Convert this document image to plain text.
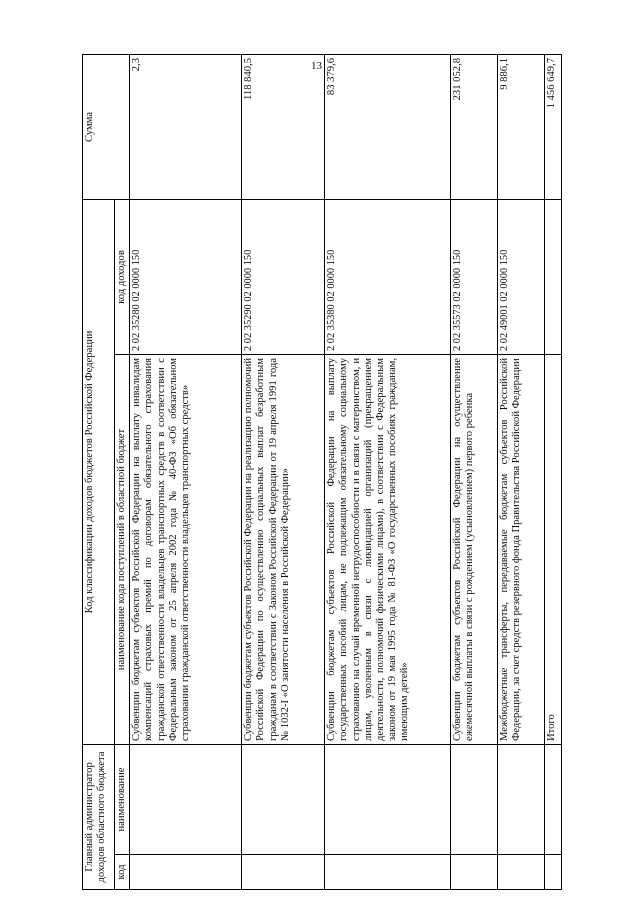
13
Главный администратор доходов областного бюджета		Код классификации доходов бюджетов Российской Федерации		Сумма
код	наименование	наименование кода поступлений в областной бюджет	код доходов	
		Субвенции бюджетам субъектов Российской Федерации на выплату инвалидам компенсаций страховых премий по договорам обязательного страхования гражданской ответственности владельцев транспортных средств в соответствии с Федеральным законом от 25 апреля 2002 года № 40-ФЗ «Об обязательном страховании гражданской ответственности владельцев транспортных средств»	2 02 35280 02 0000 150	2,3
		Субвенции бюджетам субъектов Российской Федерации на реализацию полномочий Российской Федерации по осуществлению социальных выплат безработным гражданам в соответствии с Законом Российской Федерации от 19 апреля 1991 года № 1032-I «О занятости населения в Российской Федерации»	2 02 35290 02 0000 150	118 840,5
		Субвенции бюджетам субъектов Российской Федерации на выплату государственных пособий лицам, не подлежащим обязательному социальному страхованию на случай временной нетрудоспособности и в связи с материнством, и лицам, уволенным в связи с ликвидацией организаций (прекращением деятельности, полномочий физическими лицами), в соответствии с Федеральным законом от 19 мая 1995 года № 81-ФЗ «О государственных пособиях гражданам, имеющим детей»	2 02 35380 02 0000 150	83 379,6
		Субвенции бюджетам субъектов Российской Федерации на осуществление ежемесячной выплаты в связи с рождением (усыновлением) первого ребенка	2 02 35573 02 0000 150	231 052,8
		Межбюджетные трансферты, передаваемые бюджетам субъектов Российской Федерации, за счет средств резервного фонда Правительства Российской Федерации	2 02 49001 02 0000 150	9 886,1
		Итого		1 456 649,7
